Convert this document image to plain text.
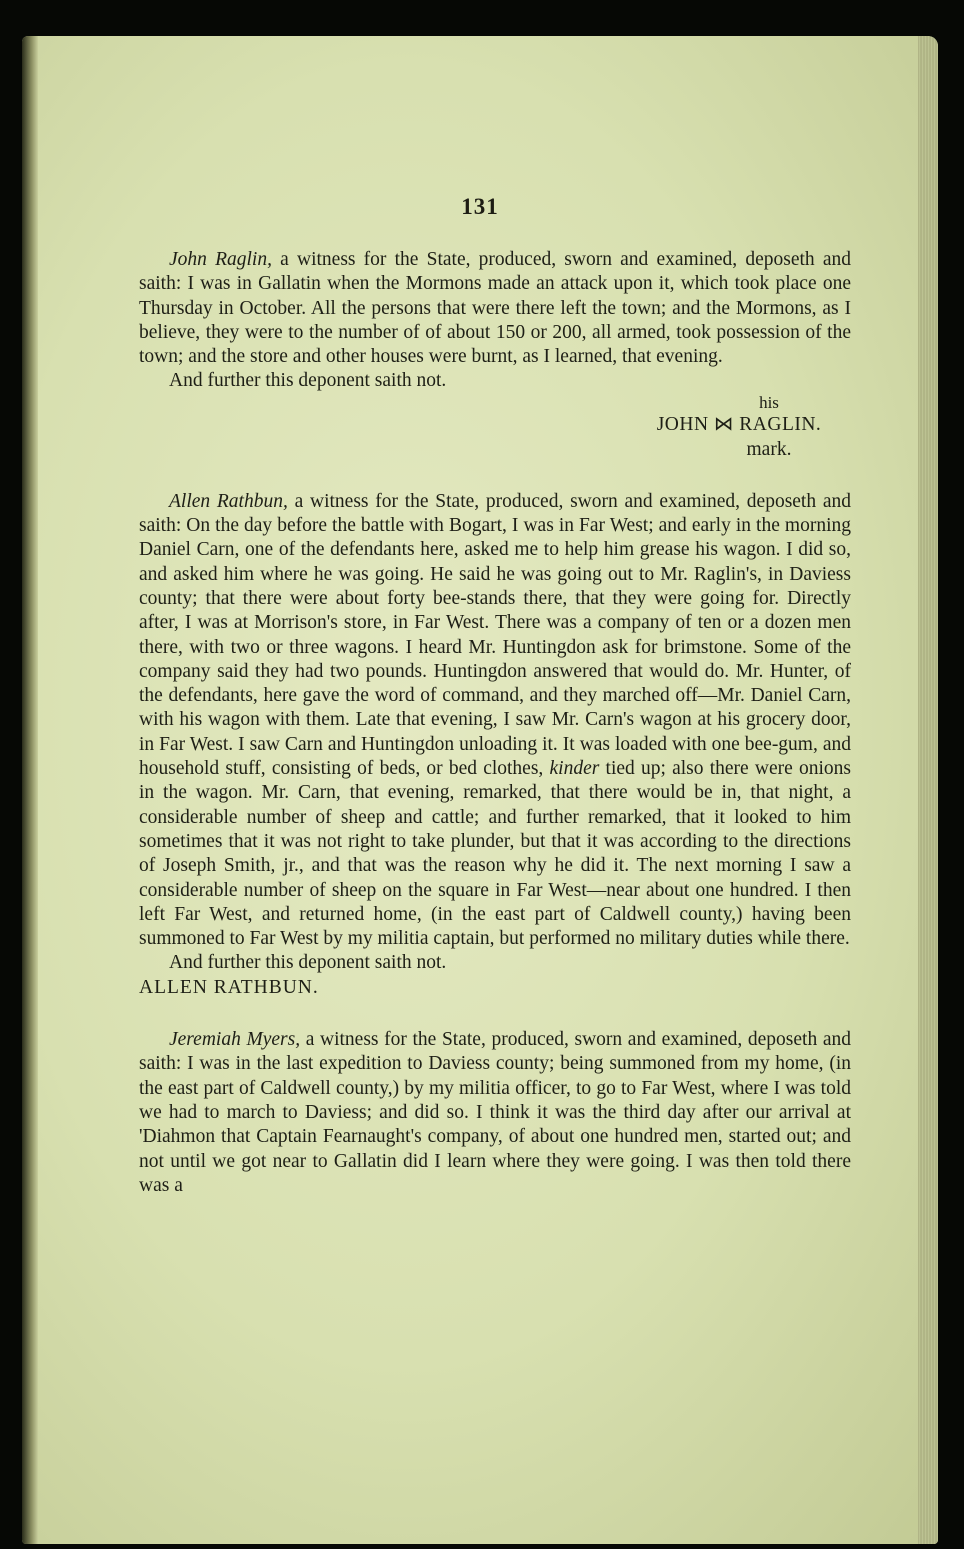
131

John Raglin, a witness for the State, produced, sworn and examined, deposeth and saith: I was in Gallatin when the Mormons made an attack upon it, which took place one Thursday in October. All the persons that were there left the town; and the Mormons, as I believe, they were to the number of of about 150 or 200, all armed, took possession of the town; and the store and other houses were burnt, as I learned, that evening.

And further this deponent saith not.

his
JOHN ⋈ RAGLIN.
mark.

Allen Rathbun, a witness for the State, produced, sworn and examined, deposeth and saith: On the day before the battle with Bogart, I was in Far West; and early in the morning Daniel Carn, one of the defendants here, asked me to help him grease his wagon. I did so, and asked him where he was going. He said he was going out to Mr. Raglin's, in Daviess county; that there were about forty bee-stands there, that they were going for. Directly after, I was at Morrison's store, in Far West. There was a company of ten or a dozen men there, with two or three wagons. I heard Mr. Huntingdon ask for brimstone. Some of the company said they had two pounds. Huntingdon answered that would do. Mr. Hunter, of the defendants, here gave the word of command, and they marched off—Mr. Daniel Carn, with his wagon with them. Late that evening, I saw Mr. Carn's wagon at his grocery door, in Far West. I saw Carn and Huntingdon unloading it. It was loaded with one bee-gum, and household stuff, consisting of beds, or bed clothes, kinder tied up; also there were onions in the wagon. Mr. Carn, that evening, remarked, that there would be in, that night, a considerable number of sheep and cattle; and further remarked, that it looked to him sometimes that it was not right to take plunder, but that it was according to the directions of Joseph Smith, jr., and that was the reason why he did it. The next morning I saw a considerable number of sheep on the square in Far West—near about one hundred. I then left Far West, and returned home, (in the east part of Caldwell county,) having been summoned to Far West by my militia captain, but performed no military duties while there.

And further this deponent saith not.

ALLEN RATHBUN.

Jeremiah Myers, a witness for the State, produced, sworn and examined, deposeth and saith: I was in the last expedition to Daviess county; being summoned from my home, (in the east part of Caldwell county,) by my militia officer, to go to Far West, where I was told we had to march to Daviess; and did so. I think it was the third day after our arrival at 'Diahmon that Captain Fearnaught's company, of about one hundred men, started out; and not until we got near to Gallatin did I learn where they were going. I was then told there was a
